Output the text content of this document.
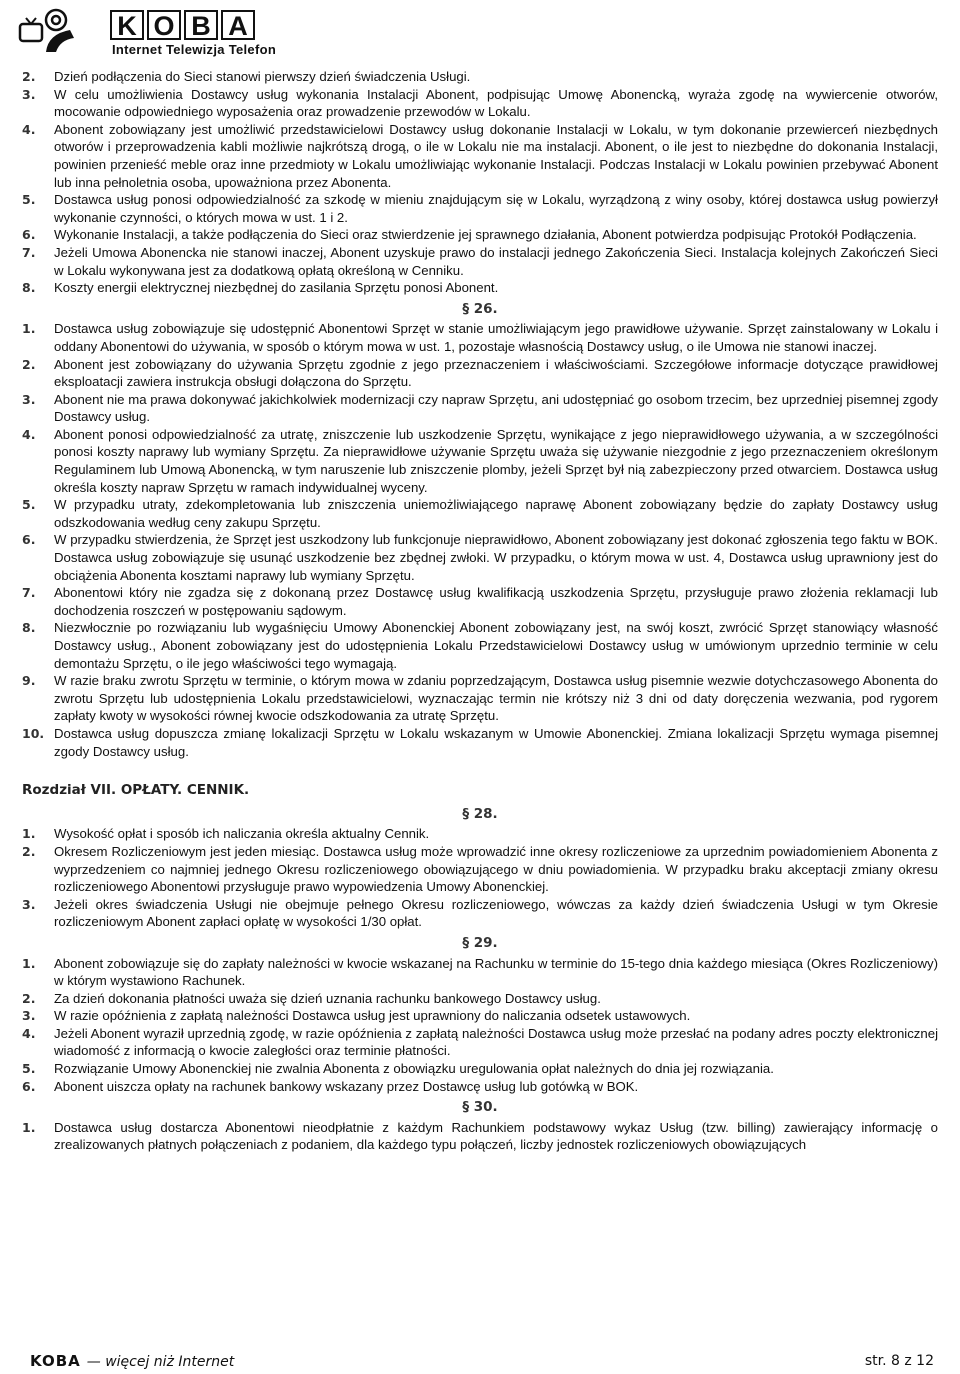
K O B A
Internet Telewizja Telefon
2. Dzień podłączenia do Sieci stanowi pierwszy dzień świadczenia Usługi.
3. W celu umożliwienia Dostawcy usług wykonania Instalacji Abonent, podpisując Umowę Abonencką, wyraża zgodę na wywiercenie otworów, mocowanie odpowiedniego wyposażenia oraz prowadzenie przewodów w Lokalu.
4. Abonent zobowiązany jest umożliwić przedstawicielowi Dostawcy usług dokonanie Instalacji w Lokalu, w tym dokonanie przewierceń niezbędnych otworów i przeprowadzenia kabli możliwie najkrótszą drogą, o ile w Lokalu nie ma instalacji. Abonent, o ile jest to niezbędne do dokonania Instalacji, powinien przenieść meble oraz inne przedmioty w Lokalu umożliwiając wykonanie Instalacji. Podczas Instalacji w Lokalu powinien przebywać Abonent lub inna pełnoletnia osoba, upoważniona przez Abonenta.
5. Dostawca usług ponosi odpowiedzialność za szkodę w mieniu znajdującym się w Lokalu, wyrządzoną z winy osoby, której dostawca usług powierzył wykonanie czynności, o których mowa w ust. 1 i 2.
6. Wykonanie Instalacji, a także podłączenia do Sieci oraz stwierdzenie jej sprawnego działania, Abonent potwierdza podpisując Protokół Podłączenia.
7. Jeżeli Umowa Abonencka nie stanowi inaczej, Abonent uzyskuje prawo do instalacji jednego Zakończenia Sieci. Instalacja kolejnych Zakończeń Sieci w Lokalu wykonywana jest za dodatkową opłatą określoną w Cenniku.
8. Koszty energii elektrycznej niezbędnej do zasilania Sprzętu ponosi Abonent.
§ 26.
1. Dostawca usług zobowiązuje się udostępnić Abonentowi Sprzęt w stanie umożliwiającym jego prawidłowe używanie. Sprzęt zainstalowany w Lokalu i oddany Abonentowi do używania, w sposób o którym mowa w ust. 1, pozostaje własnością Dostawcy usług, o ile Umowa nie stanowi inaczej.
2. Abonent jest zobowiązany do używania Sprzętu zgodnie z jego przeznaczeniem i właściwościami. Szczegółowe informacje dotyczące prawidłowej eksploatacji zawiera instrukcja obsługi dołączona do Sprzętu.
3. Abonent nie ma prawa dokonywać jakichkolwiek modernizacji czy napraw Sprzętu, ani udostępniać go osobom trzecim, bez uprzedniej pisemnej zgody Dostawcy usług.
4. Abonent ponosi odpowiedzialność za utratę, zniszczenie lub uszkodzenie Sprzętu, wynikające z jego nieprawidłowego używania, a w szczególności ponosi koszty naprawy lub wymiany Sprzętu. Za nieprawidłowe używanie Sprzętu uważa się używanie niezgodnie z jego przeznaczeniem określonym Regulaminem lub Umową Abonencką, w tym naruszenie lub zniszczenie plomby, jeżeli Sprzęt był nią zabezpieczony przed otwarciem. Dostawca usług określa koszty napraw Sprzętu w ramach indywidualnej wyceny.
5. W przypadku utraty, zdekompletowania lub zniszczenia uniemożliwiającego naprawę Abonent zobowiązany będzie do zapłaty Dostawcy usług odszkodowania według ceny zakupu Sprzętu.
6. W przypadku stwierdzenia, że Sprzęt jest uszkodzony lub funkcjonuje nieprawidłowo, Abonent zobowiązany jest dokonać zgłoszenia tego faktu w BOK. Dostawca usług zobowiązuje się usunąć uszkodzenie bez zbędnej zwłoki. W przypadku, o którym mowa w ust. 4, Dostawca usług uprawniony jest do obciążenia Abonenta kosztami naprawy lub wymiany Sprzętu.
7. Abonentowi który nie zgadza się z dokonaną przez Dostawcę usług kwalifikacją uszkodzenia Sprzętu, przysługuje prawo złożenia reklamacji lub dochodzenia roszczeń w postępowaniu sądowym.
8. Niezwłocznie po rozwiązaniu lub wygaśnięciu Umowy Abonenckiej Abonent zobowiązany jest, na swój koszt, zwrócić Sprzęt stanowiący własność Dostawcy usług., Abonent zobowiązany jest do udostępnienia Lokalu Przedstawicielowi Dostawcy usług w umówionym uprzednio terminie w celu demontażu Sprzętu, o ile jego właściwości tego wymagają.
9. W razie braku zwrotu Sprzętu w terminie, o którym mowa w zdaniu poprzedzającym, Dostawca usług pisemnie wezwie dotychczasowego Abonenta do zwrotu Sprzętu lub udostępnienia Lokalu przedstawicielowi, wyznaczając termin nie krótszy niż 3 dni od daty doręczenia wezwania, pod rygorem zapłaty kwoty w wysokości równej kwocie odszkodowania za utratę Sprzętu.
10. Dostawca usług dopuszcza zmianę lokalizacji Sprzętu w Lokalu wskazanym w Umowie Abonenckiej. Zmiana lokalizacji Sprzętu wymaga pisemnej zgody Dostawcy usług.
Rozdział VII. OPŁATY. CENNIK.
§ 28.
1. Wysokość opłat i sposób ich naliczania określa aktualny Cennik.
2. Okresem Rozliczeniowym jest jeden miesiąc. Dostawca usług może wprowadzić inne okresy rozliczeniowe za uprzednim powiadomieniem Abonenta z wyprzedzeniem co najmniej jednego Okresu rozliczeniowego obowiązującego w dniu powiadomienia. W przypadku braku akceptacji zmiany okresu rozliczeniowego Abonentowi przysługuje prawo wypowiedzenia Umowy Abonenckiej.
3. Jeżeli okres świadczenia Usługi nie obejmuje pełnego Okresu rozliczeniowego, wówczas za każdy dzień świadczenia Usługi w tym Okresie rozliczeniowym Abonent zapłaci opłatę w wysokości 1/30 opłat.
§ 29.
1. Abonent zobowiązuje się do zapłaty należności w kwocie wskazanej na Rachunku w terminie do 15-tego dnia każdego miesiąca (Okres Rozliczeniowy) w którym wystawiono Rachunek.
2. Za dzień dokonania płatności uważa się dzień uznania rachunku bankowego Dostawcy usług.
3. W razie opóźnienia z zapłatą należności Dostawca usług jest uprawniony do naliczania odsetek ustawowych.
4. Jeżeli Abonent wyraził uprzednią zgodę, w razie opóźnienia z zapłatą należności Dostawca usług może przesłać na podany adres poczty elektronicznej wiadomość z informacją o kwocie zaległości oraz terminie płatności.
5. Rozwiązanie Umowy Abonenckiej nie zwalnia Abonenta z obowiązku uregulowania opłat należnych do dnia jej rozwiązania.
6. Abonent uiszcza opłaty na rachunek bankowy wskazany przez Dostawcę usług lub gotówką w BOK.
§ 30.
1. Dostawca usług dostarcza Abonentowi nieodpłatnie z każdym Rachunkiem podstawowy wykaz Usług (tzw. billing) zawierający informację o zrealizowanych płatnych połączeniach z podaniem, dla każdego typu połączeń, liczby jednostek rozliczeniowych obowiązujących
KOBA — więcej niż Internet	str. 8 z 12
